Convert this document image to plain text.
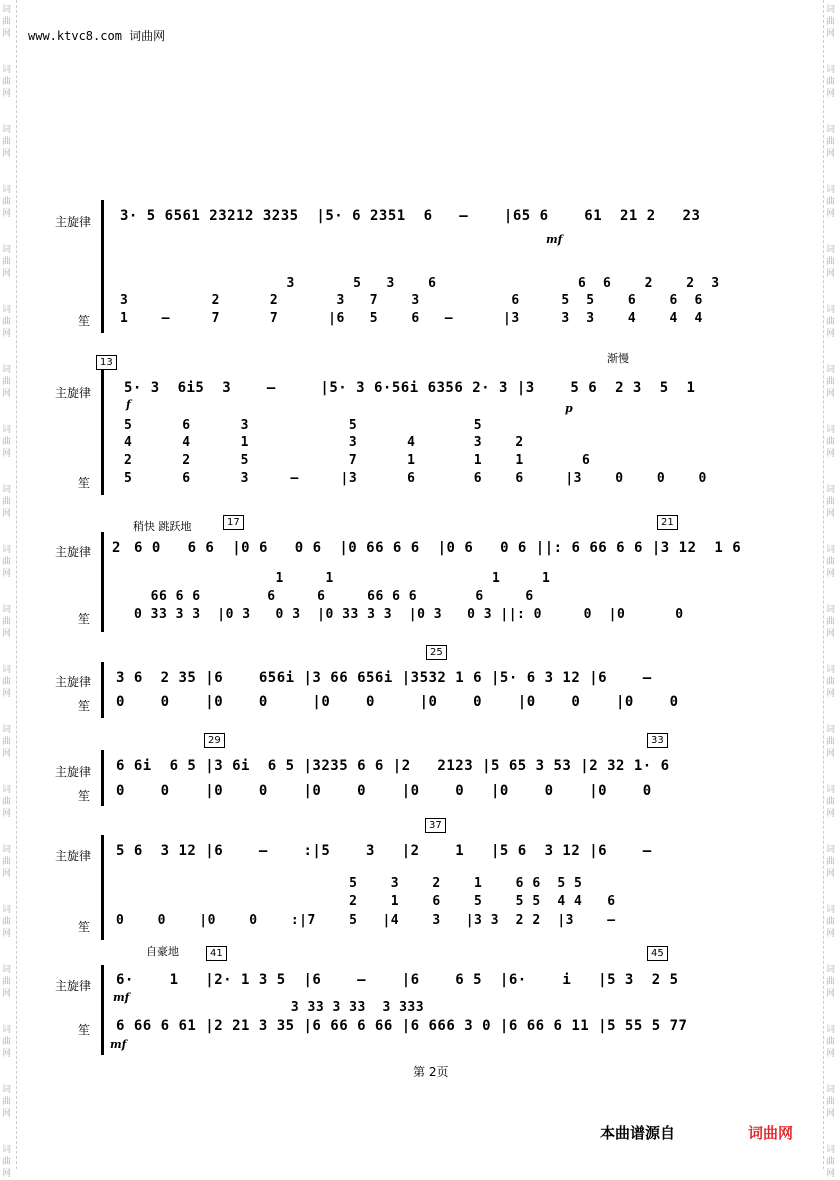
词
曲
网
词
曲
网
词
曲
网
词
曲
网
词
曲
网
词
曲
网
词
曲
网
词
曲
网
词
曲
网
词
曲
网
词
曲
网
词
曲
网
词
曲
网
词
曲
网
词
曲
网
词
曲
网
词
曲
网
词
曲
网
词
曲
网
词
曲
网
词
曲
网
词
曲
网
词
曲
网
词
曲
网
词
曲
网
词
曲
网
词
曲
网
词
曲
网
词
曲
网
词
曲
网
词
曲
网
词
曲
网
词
曲
网
词
曲
网
词
曲
网
词
曲
网
词
曲
网
词
曲
网
词
曲
网
词
曲
网
www.ktvc8.com 词曲网
主旋律
笙
3· 5 6561 23212 3235  |5· 6 2351  6   –    |65 6    61  21 2   23
3       5   3    6                 6  6    2    2  3
3          2      2       3   7    3           6     5  5    6    6  6
1    –     7      7      |6   5    6   –      |3     3  3    4    4  4
mf
13	渐慢
主旋律
笙
5· 3  6i5  3    –     |5· 3 6·56i 6356 2· 3 |3    5 6  2 3  5  1
f	p
5      6      3            5              5
4      4      1            3      4       3    2
2      2      5            7      1       1    1       6
5      6      3     –     |3      6       6    6     |3    0    0    0
稍快 跳跃地	17	21
主旋律
笙
2 6 0   6 6  |0 6   0 6  |0 66 6 6  |0 6   0 6 ||: 6 66 6 6 |3 12  1 6
1     1                   1     1
66 6 6        6     6     66 6 6       6     6
0 33 3 3  |0 3   0 3  |0 33 3 3  |0 3   0 3 ||: 0     0  |0      0
25
主旋律
笙
3 6  2 35 |6    656i |3 66 656i |3532 1 6 |5· 6 3 12 |6    –
0    0    |0    0     |0    0     |0    0    |0    0    |0    0
29	33
主旋律
笙
6 6i  6 5 |3 6i  6 5 |3235 6 6 |2   2123 |5 65 3 53 |2 32 1· 6
0    0    |0    0    |0    0    |0    0   |0    0    |0    0
37
主旋律
笙
5 6  3 12 |6    –    :|5    3   |2    1   |5 6  3 12 |6    –
5    3    2    1    6 6  5 5
2    1    6    5    5 5  4 4   6
0    0    |0    0    :|7    5   |4    3   |3 3  2 2  |3    –
自豪地	41	45
主旋律
笙
6·    1   |2· 1 3 5  |6    –    |6    6 5  |6·    i   |5 3  2 5
mf
3 33 3 33  3 333
6 66 6 61 |2 21 3 35 |6 66 6 66 |6 666 3 0 |6 66 6 11 |5 55 5 77
mf
第 2页
本曲谱源自	词曲网
